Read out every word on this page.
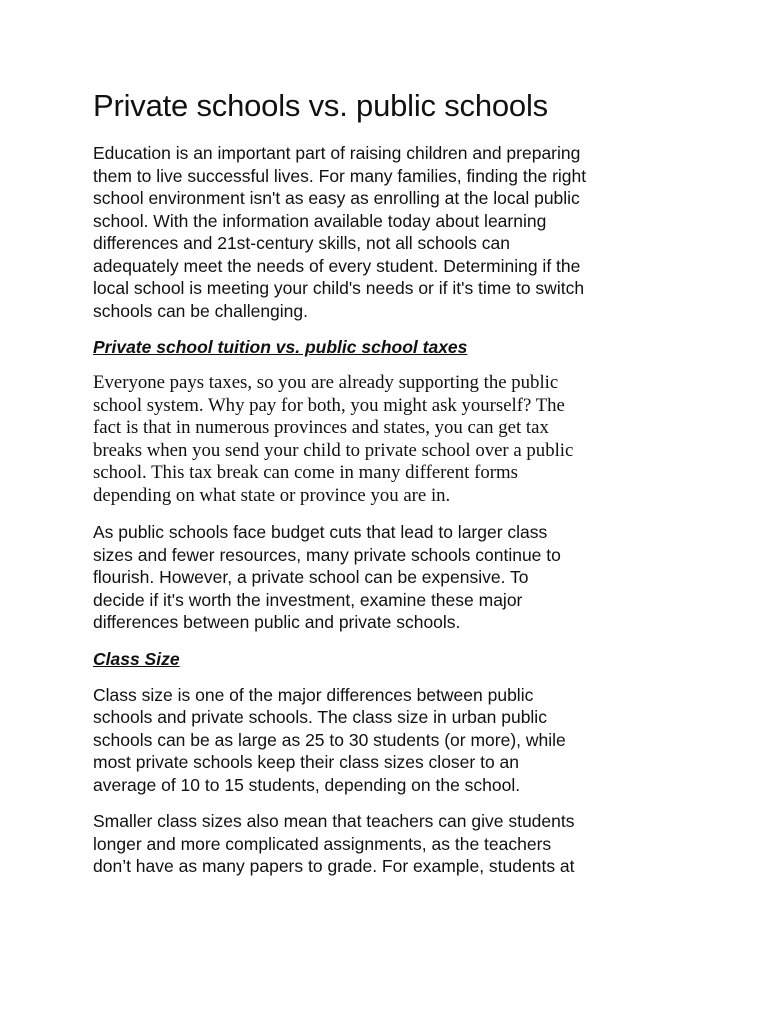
Private schools vs. public schools

Education is an important part of raising children and preparing
them to live successful lives. For many families, finding the right
school environment isn't as easy as enrolling at the local public
school. With the information available today about learning
differences and 21st-century skills, not all schools can
adequately meet the needs of every student. Determining if the
local school is meeting your child's needs or if it's time to switch
schools can be challenging.

Private school tuition vs. public school taxes

Everyone pays taxes, so you are already supporting the public
school system. Why pay for both, you might ask yourself? The
fact is that in numerous provinces and states, you can get tax
breaks when you send your child to private school over a public
school. This tax break can come in many different forms
depending on what state or province you are in.

As public schools face budget cuts that lead to larger class
sizes and fewer resources, many private schools continue to
flourish. However, a private school can be expensive. To
decide if it's worth the investment, examine these major
differences between public and private schools.

Class Size

Class size is one of the major differences between public
schools and private schools. The class size in urban public
schools can be as large as 25 to 30 students (or more), while
most private schools keep their class sizes closer to an
average of 10 to 15 students, depending on the school.

Smaller class sizes also mean that teachers can give students
longer and more complicated assignments, as the teachers
don’t have as many papers to grade. For example, students at
